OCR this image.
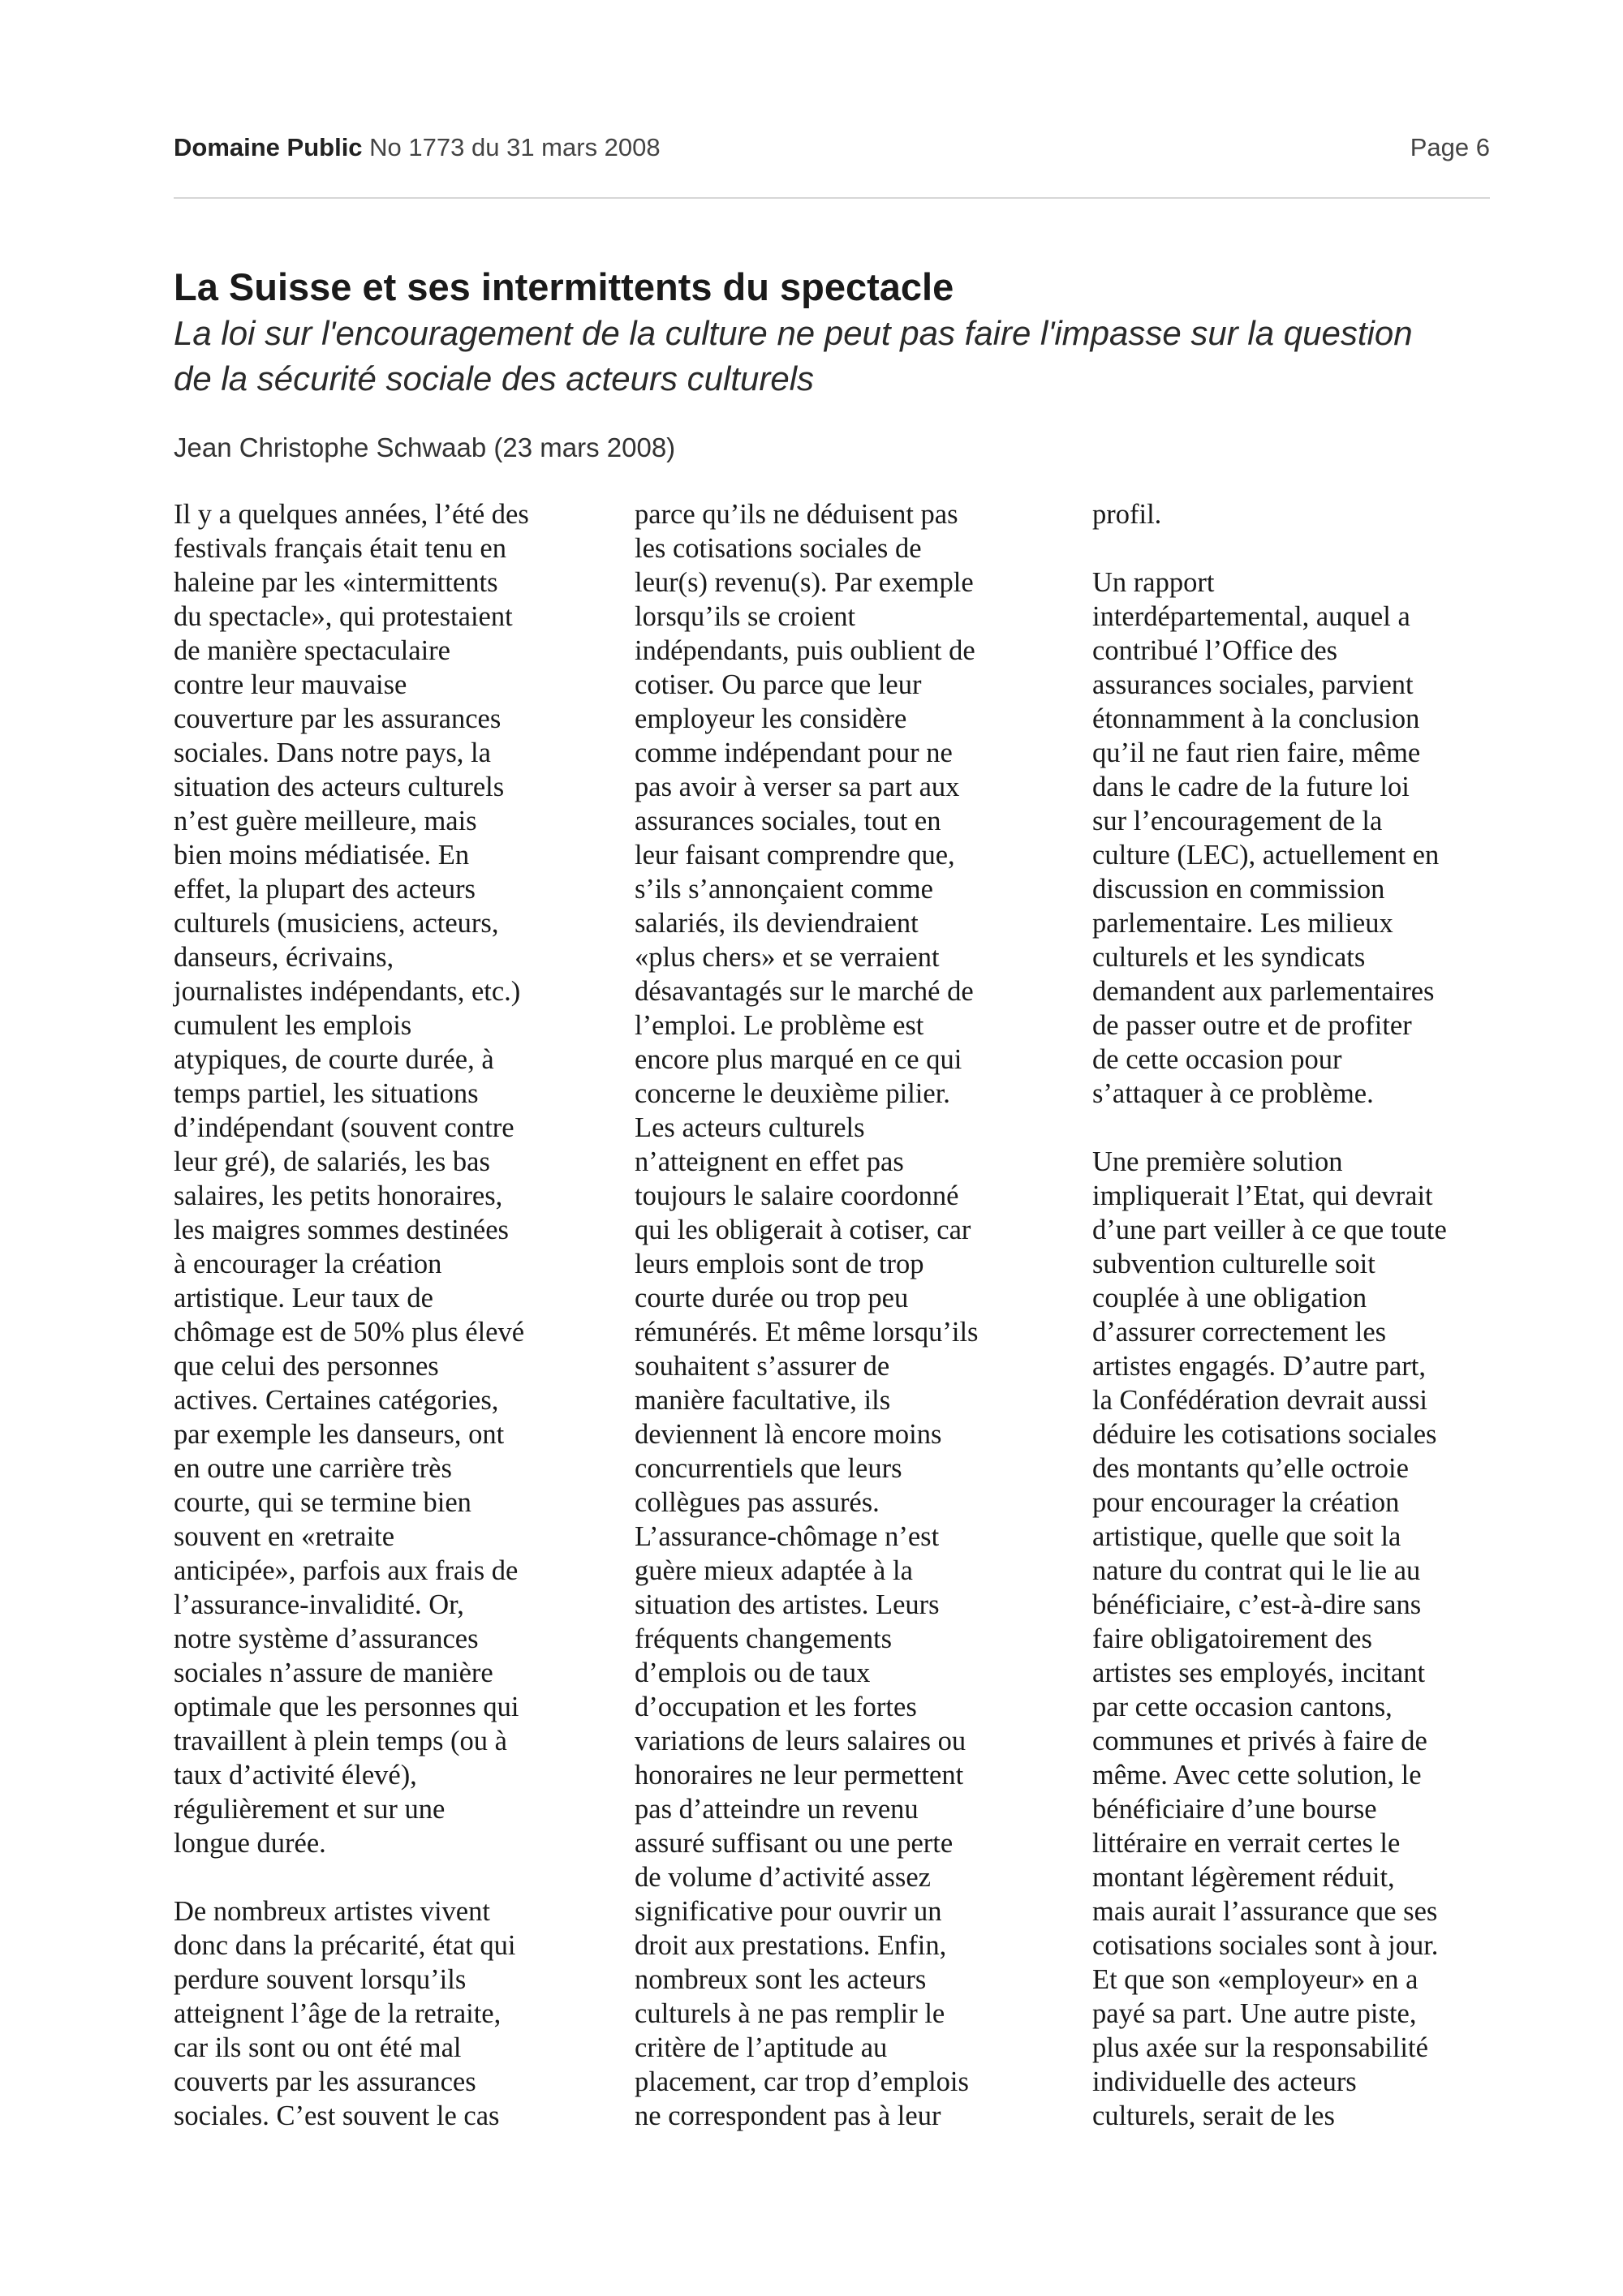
Domaine Public No 1773 du 31 mars 2008	Page 6
La Suisse et ses intermittents du spectacle

La loi sur l'encouragement de la culture ne peut pas faire l'impasse sur la question de la sécurité sociale des acteurs culturels

Jean Christophe Schwaab (23 mars 2008)
Il y a quelques années, l’été des
festivals français était tenu en
haleine par les «intermittents
du spectacle», qui protestaient
de manière spectaculaire
contre leur mauvaise
couverture par les assurances
sociales. Dans notre pays, la
situation des acteurs culturels
n’est guère meilleure, mais
bien moins médiatisée. En
effet, la plupart des acteurs
culturels (musiciens, acteurs,
danseurs, écrivains,
journalistes indépendants, etc.)
cumulent les emplois
atypiques, de courte durée, à
temps partiel, les situations
d’indépendant (souvent contre
leur gré), de salariés, les bas
salaires, les petits honoraires,
les maigres sommes destinées
à encourager la création
artistique. Leur taux de
chômage est de 50% plus élevé
que celui des personnes
actives. Certaines catégories,
par exemple les danseurs, ont
en outre une carrière très
courte, qui se termine bien
souvent en «retraite
anticipée», parfois aux frais de
l’assurance-invalidité. Or,
notre système d’assurances
sociales n’assure de manière
optimale que les personnes qui
travaillent à plein temps (ou à
taux d’activité élevé),
régulièrement et sur une
longue durée.
De nombreux artistes vivent
donc dans la précarité, état qui
perdure souvent lorsqu’ils
atteignent l’âge de la retraite,
car ils sont ou ont été mal
couverts par les assurances
sociales. C’est souvent le cas
parce qu’ils ne déduisent pas
les cotisations sociales de
leur(s) revenu(s). Par exemple
lorsqu’ils se croient
indépendants, puis oublient de
cotiser. Ou parce que leur
employeur les considère
comme indépendant pour ne
pas avoir à verser sa part aux
assurances sociales, tout en
leur faisant comprendre que,
s’ils s’annonçaient comme
salariés, ils deviendraient
«plus chers» et se verraient
désavantagés sur le marché de
l’emploi. Le problème est
encore plus marqué en ce qui
concerne le deuxième pilier.
Les acteurs culturels
n’atteignent en effet pas
toujours le salaire coordonné
qui les obligerait à cotiser, car
leurs emplois sont de trop
courte durée ou trop peu
rémunérés. Et même lorsqu’ils
souhaitent s’assurer de
manière facultative, ils
deviennent là encore moins
concurrentiels que leurs
collègues pas assurés.
L’assurance-chômage n’est
guère mieux adaptée à la
situation des artistes. Leurs
fréquents changements
d’emplois ou de taux
d’occupation et les fortes
variations de leurs salaires ou
honoraires ne leur permettent
pas d’atteindre un revenu
assuré suffisant ou une perte
de volume d’activité assez
significative pour ouvrir un
droit aux prestations. Enfin,
nombreux sont les acteurs
culturels à ne pas remplir le
critère de l’aptitude au
placement, car trop d’emplois
ne correspondent pas à leur
profil.
Un rapport
interdépartemental, auquel a
contribué l’Office des
assurances sociales, parvient
étonnamment à la conclusion
qu’il ne faut rien faire, même
dans le cadre de la future loi
sur l’encouragement de la
culture (LEC), actuellement en
discussion en commission
parlementaire. Les milieux
culturels et les syndicats
demandent aux parlementaires
de passer outre et de profiter
de cette occasion pour
s’attaquer à ce problème.
Une première solution
impliquerait l’Etat, qui devrait
d’une part veiller à ce que toute
subvention culturelle soit
couplée à une obligation
d’assurer correctement les
artistes engagés. D’autre part,
la Confédération devrait aussi
déduire les cotisations sociales
des montants qu’elle octroie
pour encourager la création
artistique, quelle que soit la
nature du contrat qui le lie au
bénéficiaire, c’est-à-dire sans
faire obligatoirement des
artistes ses employés, incitant
par cette occasion cantons,
communes et privés à faire de
même. Avec cette solution, le
bénéficiaire d’une bourse
littéraire en verrait certes le
montant légèrement réduit,
mais aurait l’assurance que ses
cotisations sociales sont à jour.
Et que son «employeur» en a
payé sa part. Une autre piste,
plus axée sur la responsabilité
individuelle des acteurs
culturels, serait de les
